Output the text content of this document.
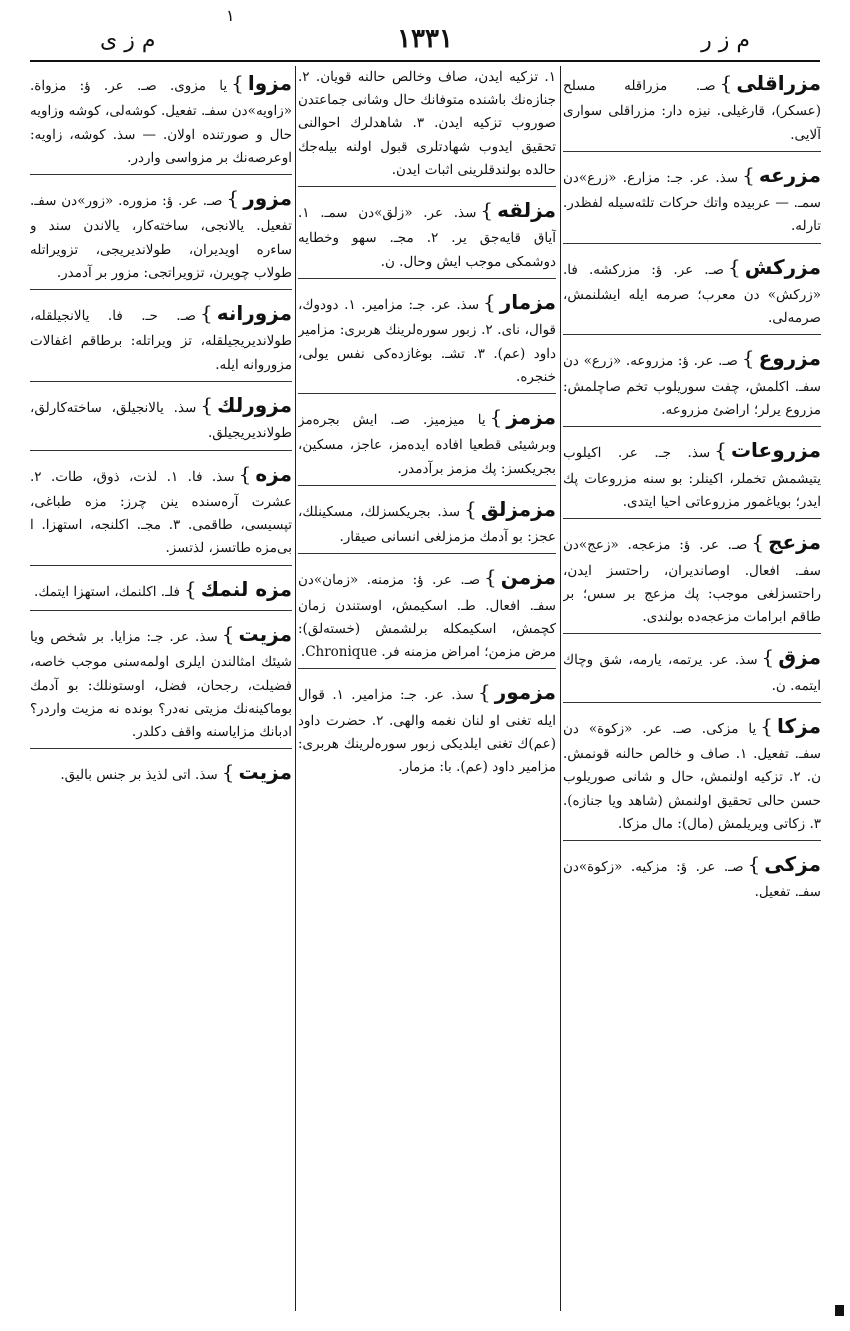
م ز ى
١
١٣٣١	م ز ر
مزراقلى}صـ. مزراقله مسلح (عسكر)، قارغيلى. نيزه دار: مزراقلى سوارى آلايى.
مزرعه}سذ. عر. جـ: مزارع. «زرع»دن سمـ. — عربيده واتك حركات تلثه‌سيله لفظدر. تارله.
مزركش}صـ. عر. ؤ: مزركشه. فا. «زركش» دن معرب؛ صرمه ايله ايشلنمش، صرمه‌لى.
مزروع}صـ. عر. ؤ: مزروعه. «زرع» دن سفـ. اكلمش، چفت سوريلوب تخم صاچلمش: مزروع يرلر؛ اراضئ مزروعه.
مزروعات}سذ. جـ. عر. اكيلوب يتيشمش تخملر، اكينلر: بو سنه مزروعات پك ايدر؛ بوياغمور مزروعاتى احيا ايتدى.
مزعج}صـ. عر. ؤ: مزعجه. «زعج»دن سفـ. افعال. اوصانديران، راحتسز ايدن، راحتسزلغى موجب: پك مزعج بر سس؛ بر طاقم ابرامات مزعجه‌ده بولندى.
مزق}سذ. عر. يرتمه، يارمه، شق وچاك ايتمه. ن.
مزكا}يا مزكى. صـ. عر. «زكوة» دن سفـ. تفعيل. ١. صاف و خالص حالنه قونمش. ن. ٢. تزكيه اولنمش، حال و شانى صوريلوب حسن حالى تحقيق اولنمش (شاهد ويا جنازه). ٣. زكاتى ويريلمش (مال): مال مزكا.
مزكى}صـ. عر. ؤ: مزكيه. «زكوة»دن سفـ. تفعيل.
١. تزكيه ايدن، صاف وخالص حالنه قويان. ٢. جنازه‌نك باشنده متوفانك حال وشانى جماعتدن صوروب تزكيه ايدن. ٣. شاهدلرك احوالنى تحقيق ايدوب شهادتلرى قبول اولنه بيله‌جك حالده بولندقلرينى اثبات ايدن.
مزلقه}سذ. عر. «زلق»دن سمـ. ١. آياق قايه‌جق ير. ٢. مجـ. سهو وخطايه دوشمكى موجب ايش وحال. ن.
مزمار}سذ. عر. جـ: مزامير. ١. دودوك، قوال، ناى. ٢. زبور سوره‌لرينك هربرى: مزامير داود (عم). ٣. تشـ. بوغازده‌كى نفس يولى، خنجره.
مزمز}يا ميزميز. صـ. ايش بجره‌مز وبرشيئى قطعيا افاده ايده‌مز، عاجز، مسكين، بجريكسز: پك مزمز برآدمدر.
مزمزلق}سذ. بجريكسزلك، مسكينلك، عجز: بو آدمك مزمزلغى انسانى صيقار.
مزمن}صـ. عر. ؤ: مزمنه. «زمان»دن سفـ. افعال. طـ. اسكيمش، اوستندن زمان كچمش، اسكيمكله برلشمش (خسته‌لق): مرض مزمن؛ امراض مزمنه فر. Chronique.
مزمور}سذ. عر. جـ: مزامير. ١. قوال ايله تغنى او لنان نغمه والهى. ٢. حضرت داود (عم)ك تغنى ايلديكى زبور سوره‌لرينك هربرى: مزامير داود (عم). با: مزمار.
مزوا}يا مزوى. صـ. عر. ؤ: مزواة. «زاويه»دن سفـ. تفعيل. كوشه‌لى، كوشه وزاويه حال و صورتنده اولان. — سذ. كوشه، زاويه: اوعرصه‌نك بر مزواسى واردر.
مزور}صـ. عر. ؤ: مزوره. «زور»دن سفـ. تفعيل. يالانجى، ساخته‌كار، يالاندن سند و ساءره اويديران، طولانديريجى، تزويراتله طولاب چويرن، تزويراتجى: مزور بر آدمدر.
مزورانه}صـ. حـ. فا. يالانجيلقله، طولانديريجيلقله، تز ويراتله: برطاقم اغفالات مزوروانه ايله.
مزورلك}سذ. يالانجيلق، ساخته‌كارلق، طولانديريجيلق.
مزه}سذ. فا. ١. لذت، ذوق، طات. ٢. عشرت آره‌سنده ينن چرز: مزه طباغى، تپسيسى، طاقمى. ٣. مجـ. اكلنجه، استهزا. ا بى‌مزه طاتسز، لذتسز.
مزه لنمك}فلـ. اكلنمك، استهزا ايتمك.
مزيت}سذ. عر. جـ: مزايا. بر شخص ويا شيئك امثالندن ايلرى اولمه‌سنى موجب خاصه، فضيلت، رجحان، فضل، اوستونلك: بو آدمك بوماكينه‌نك مزيتى نه‌در؟ بونده نه مزيت واردر؟ ادبانك مزاياسنه واقف دكلدر.
مزيت}سذ. اتى لذيذ بر جنس باليق.
